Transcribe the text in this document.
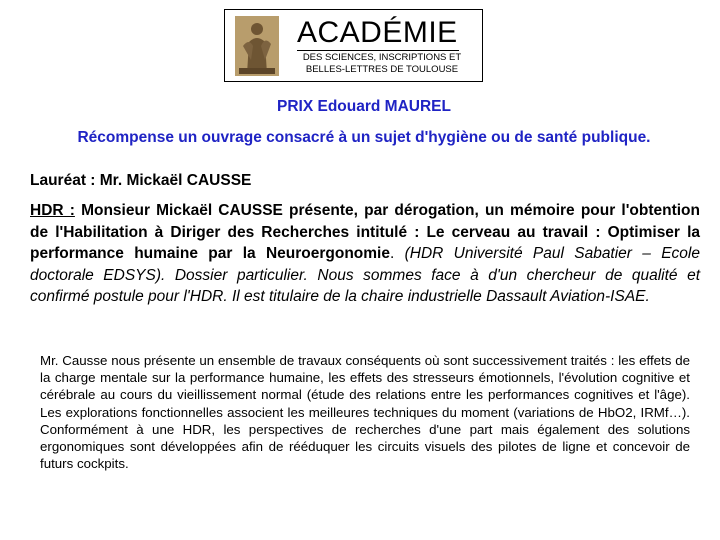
ACADÉMIE
DES SCIENCES, INSCRIPTIONS ET
BELLES-LETTRES DE TOULOUSE
PRIX Edouard MAUREL
Récompense un ouvrage consacré à un sujet d'hygiène ou de santé publique.
Lauréat : Mr. Mickaël CAUSSE
HDR : Monsieur Mickaël CAUSSE présente, par dérogation, un mémoire pour l'obtention de l'Habilitation à Diriger des Recherches intitulé : Le cerveau au travail : Optimiser la performance humaine par la Neuroergonomie. (HDR Université Paul Sabatier – Ecole doctorale EDSYS). Dossier particulier. Nous sommes face à d'un chercheur de qualité et confirmé postule pour l'HDR. Il est titulaire de la chaire industrielle Dassault Aviation-ISAE.
Mr. Causse nous présente un ensemble de travaux conséquents où sont successivement traités : les effets de la charge mentale sur la performance humaine, les effets des stresseurs émotionnels, l'évolution cognitive et cérébrale au cours du vieillissement normal (étude des relations entre les performances cognitives et l'âge). Les explorations fonctionnelles associent les meilleures techniques du moment (variations de HbO2, IRMf…). Conformément à une HDR, les perspectives de recherches d'une part mais également des solutions ergonomiques sont développées afin de rééduquer les circuits visuels des pilotes de ligne et concevoir de futurs cockpits.
